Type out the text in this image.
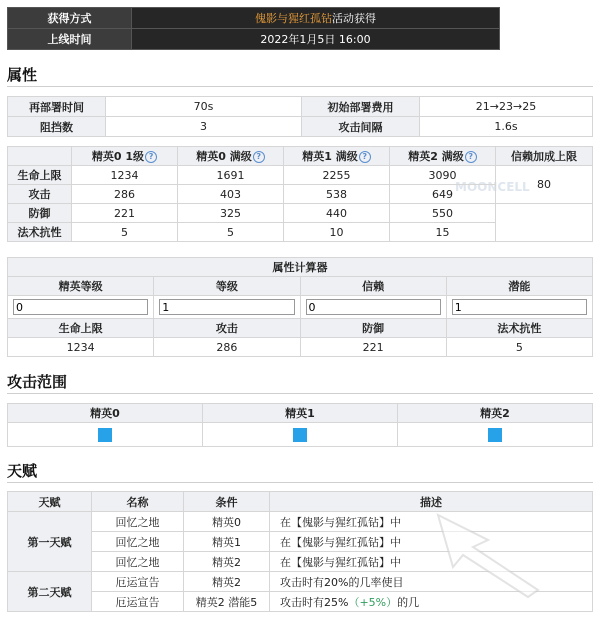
获得方式	傀影与猩红孤钻活动获得
上线时间	2022年1月5日 16:00
属性
再部署时间	70s	初始部署费用	21→23→25
阻挡数	3	攻击间隔	1.6s
MOONCELL
	精英0 1级 ?	精英0 满级 ?	精英1 满级 ?	精英2 满级 ?	信赖加成上限
生命上限	1234	1691	2255	3090	80
攻击	286	403	538	649	
防御	221	325	440	550	
法术抗性	5	5	10	15	
属性计算器			
精英等级	等级	信赖	潜能
0	1	0	1
生命上限	攻击	防御	法术抗性
1234	286	221	5
攻击范围
精英0	精英1	精英2

天赋
天赋	名称	条件	描述
第一天赋	回忆之地	精英0	在【傀影与猩红孤钻】中
	回忆之地	精英1	在【傀影与猩红孤钻】中
	回忆之地	精英2	在【傀影与猩红孤钻】中
第二天赋	厄运宣告	精英2	攻击时有20%的几率使目
	厄运宣告	精英2 潜能5	攻击时有25%（+5%）的几
